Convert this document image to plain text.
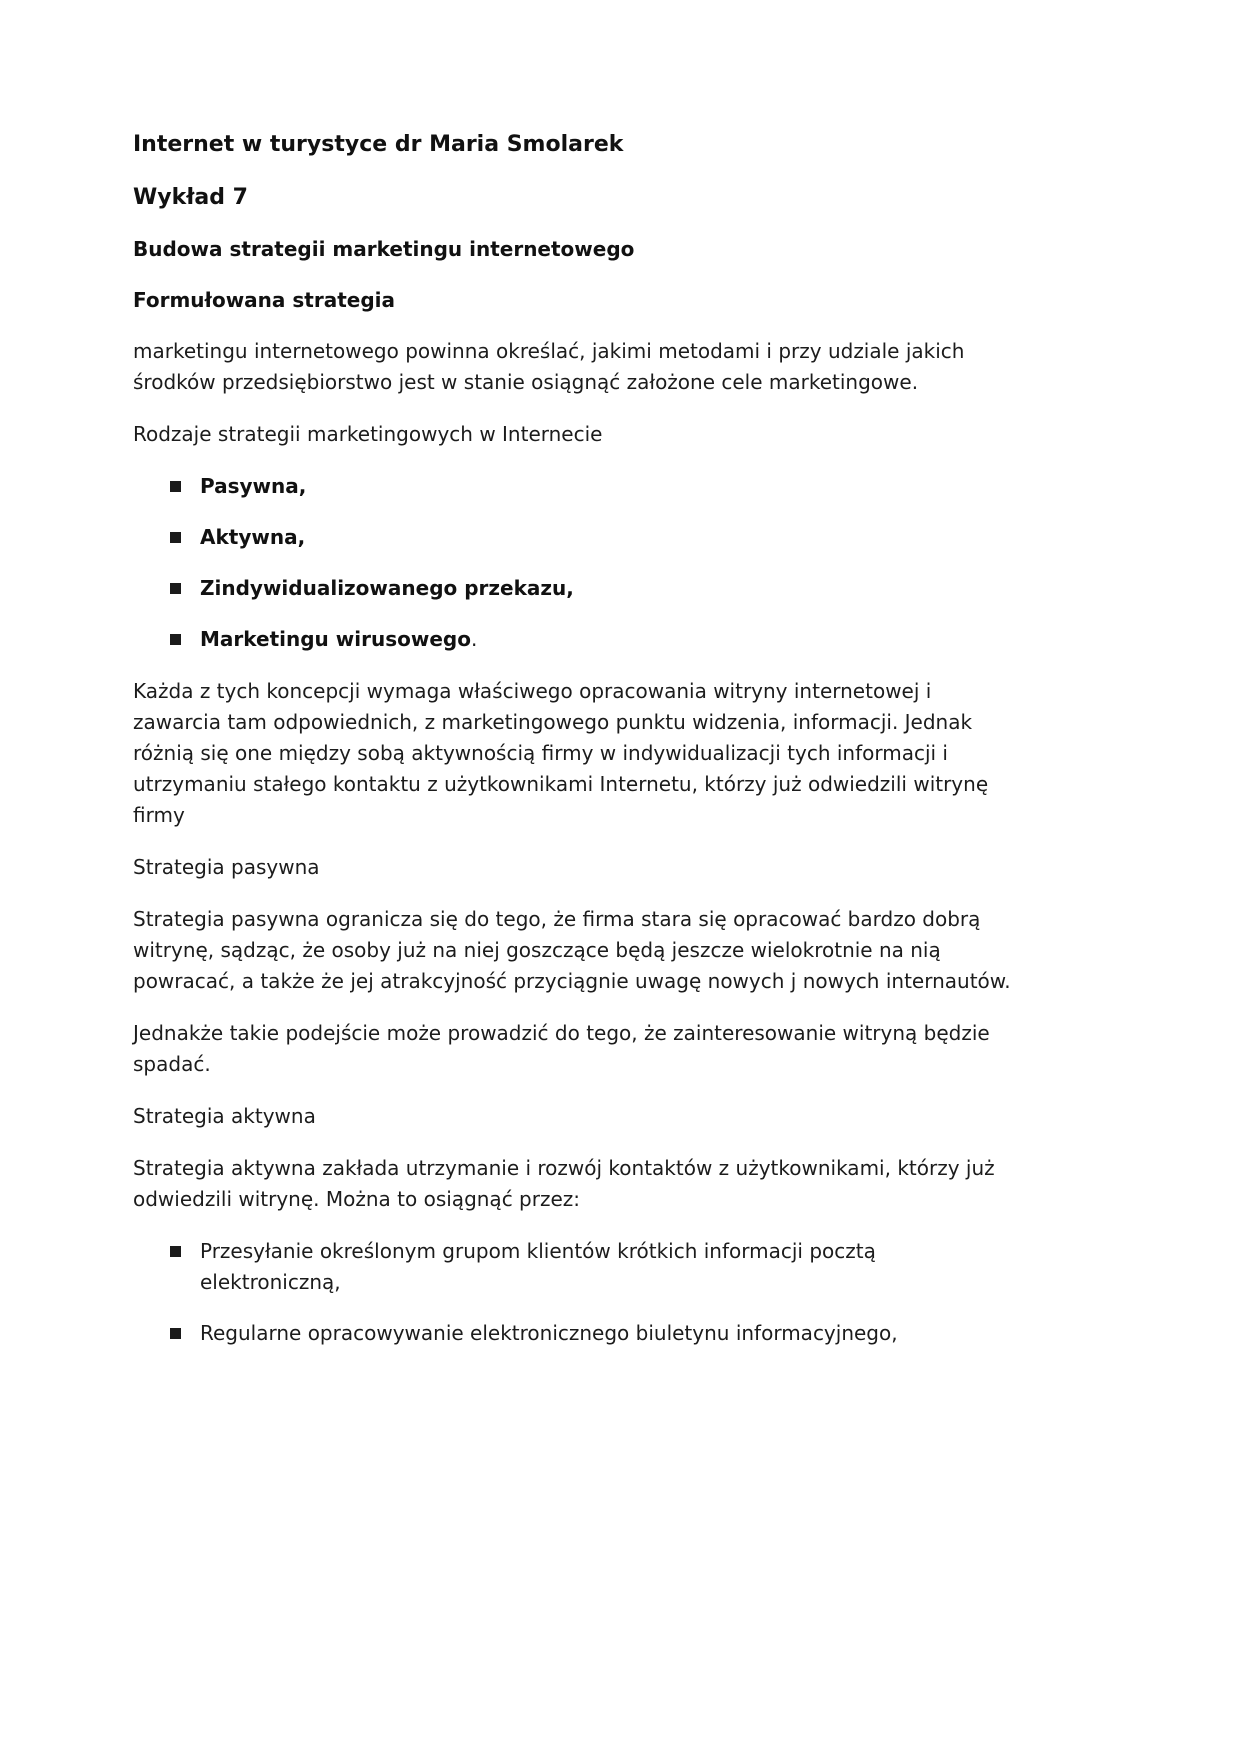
Internet w turystyce dr Maria Smolarek
Wykład 7
Budowa strategii marketingu internetowego
Formułowana strategia

marketingu internetowego powinna określać, jakimi metodami i przy udziale jakich środków przedsiębiorstwo jest w stanie osiągnąć założone cele marketingowe.

Rodzaje strategii marketingowych w Internecie

Pasywna,
Aktywna,
Zindywidualizowanego przekazu,
Marketingu wirusowego.

Każda z tych koncepcji wymaga właściwego opracowania witryny internetowej i zawarcia tam odpowiednich, z marketingowego punktu widzenia, informacji. Jednak różnią się one między sobą aktywnością firmy w indywidualizacji tych informacji i utrzymaniu stałego kontaktu z użytkownikami Internetu, którzy już odwiedzili witrynę firmy

Strategia pasywna

Strategia pasywna ogranicza się do tego, że firma stara się opracować bardzo dobrą witrynę, sądząc, że osoby już na niej goszczące będą jeszcze wielokrotnie na nią powracać, a także że jej atrakcyjność przyciągnie uwagę nowych j nowych internautów.

Jednakże takie podejście może prowadzić do tego, że zainteresowanie witryną będzie spadać.

Strategia aktywna

Strategia aktywna zakłada utrzymanie i rozwój kontaktów z użytkownikami, którzy już odwiedzili witrynę. Można to osiągnąć przez:

Przesyłanie określonym grupom klientów krótkich informacji pocztą elektroniczną,
Regularne opracowywanie elektronicznego biuletynu informacyjnego,
